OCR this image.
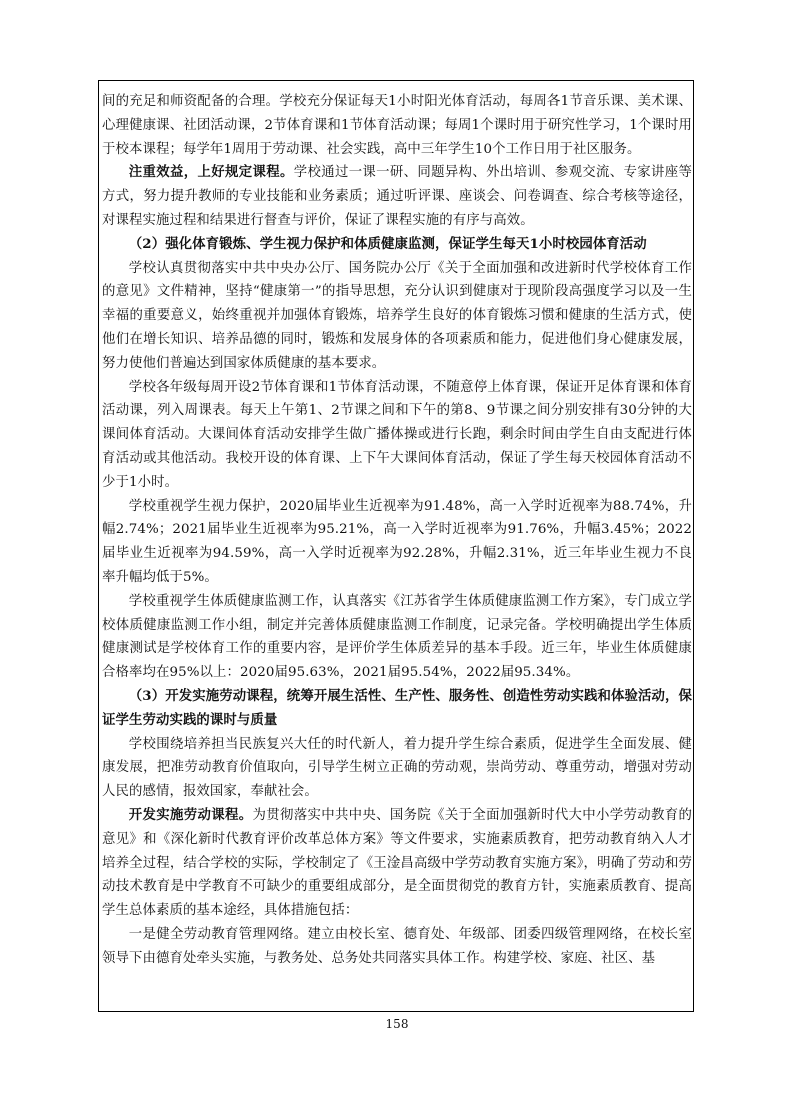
间的充足和师资配备的合理。学校充分保证每天1小时阳光体育活动，每周各1节音乐课、美术课、心理健康课、社团活动课，2节体育课和1节体育活动课；每周1个课时用于研究性学习，1个课时用于校本课程；每学年1周用于劳动课、社会实践，高中三年学生10个工作日用于社区服务。

注重效益，上好规定课程。学校通过一课一研、同题异构、外出培训、参观交流、专家讲座等方式，努力提升教师的专业技能和业务素质；通过听评课、座谈会、问卷调查、综合考核等途径，对课程实施过程和结果进行督查与评价，保证了课程实施的有序与高效。

（2）强化体育锻炼、学生视力保护和体质健康监测，保证学生每天1小时校园体育活动

学校认真贯彻落实中共中央办公厅、国务院办公厅《关于全面加强和改进新时代学校体育工作的意见》文件精神，坚持“健康第一”的指导思想，充分认识到健康对于现阶段高强度学习以及一生幸福的重要意义，始终重视并加强体育锻炼，培养学生良好的体育锻炼习惯和健康的生活方式，使他们在增长知识、培养品德的同时，锻炼和发展身体的各项素质和能力，促进他们身心健康发展，努力使他们普遍达到国家体质健康的基本要求。

学校各年级每周开设2节体育课和1节体育活动课，不随意停上体育课，保证开足体育课和体育活动课，列入周课表。每天上午第1、2节课之间和下午的第8、9节课之间分别安排有30分钟的大课间体育活动。大课间体育活动安排学生做广播体操或进行长跑，剩余时间由学生自由支配进行体育活动或其他活动。我校开设的体育课、上下午大课间体育活动，保证了学生每天校园体育活动不少于1小时。

学校重视学生视力保护，2020届毕业生近视率为91.48%，高一入学时近视率为88.74%，升幅2.74%；2021届毕业生近视率为95.21%，高一入学时近视率为91.76%，升幅3.45%；2022届毕业生近视率为94.59%，高一入学时近视率为92.28%，升幅2.31%，近三年毕业生视力不良率升幅均低于5%。

学校重视学生体质健康监测工作，认真落实《江苏省学生体质健康监测工作方案》，专门成立学校体质健康监测工作小组，制定并完善体质健康监测工作制度，记录完备。学校明确提出学生体质健康测试是学校体育工作的重要内容，是评价学生体质差异的基本手段。近三年，毕业生体质健康合格率均在95%以上：2020届95.63%，2021届95.54%，2022届95.34%。

（3）开发实施劳动课程，统筹开展生活性、生产性、服务性、创造性劳动实践和体验活动，保证学生劳动实践的课时与质量

学校围绕培养担当民族复兴大任的时代新人，着力提升学生综合素质，促进学生全面发展、健康发展，把准劳动教育价值取向，引导学生树立正确的劳动观，崇尚劳动、尊重劳动，增强对劳动人民的感情，报效国家，奉献社会。

开发实施劳动课程。为贯彻落实中共中央、国务院《关于全面加强新时代大中小学劳动教育的意见》和《深化新时代教育评价改革总体方案》等文件要求，实施素质教育，把劳动教育纳入人才培养全过程，结合学校的实际，学校制定了《王淦昌高级中学劳动教育实施方案》，明确了劳动和劳动技术教育是中学教育不可缺少的重要组成部分，是全面贯彻党的教育方针，实施素质教育、提高学生总体素质的基本途经，具体措施包括：

一是健全劳动教育管理网络。建立由校长室、德育处、年级部、团委四级管理网络，在校长室领导下由德育处牵头实施，与教务处、总务处共同落实具体工作。构建学校、家庭、社区、基

158
